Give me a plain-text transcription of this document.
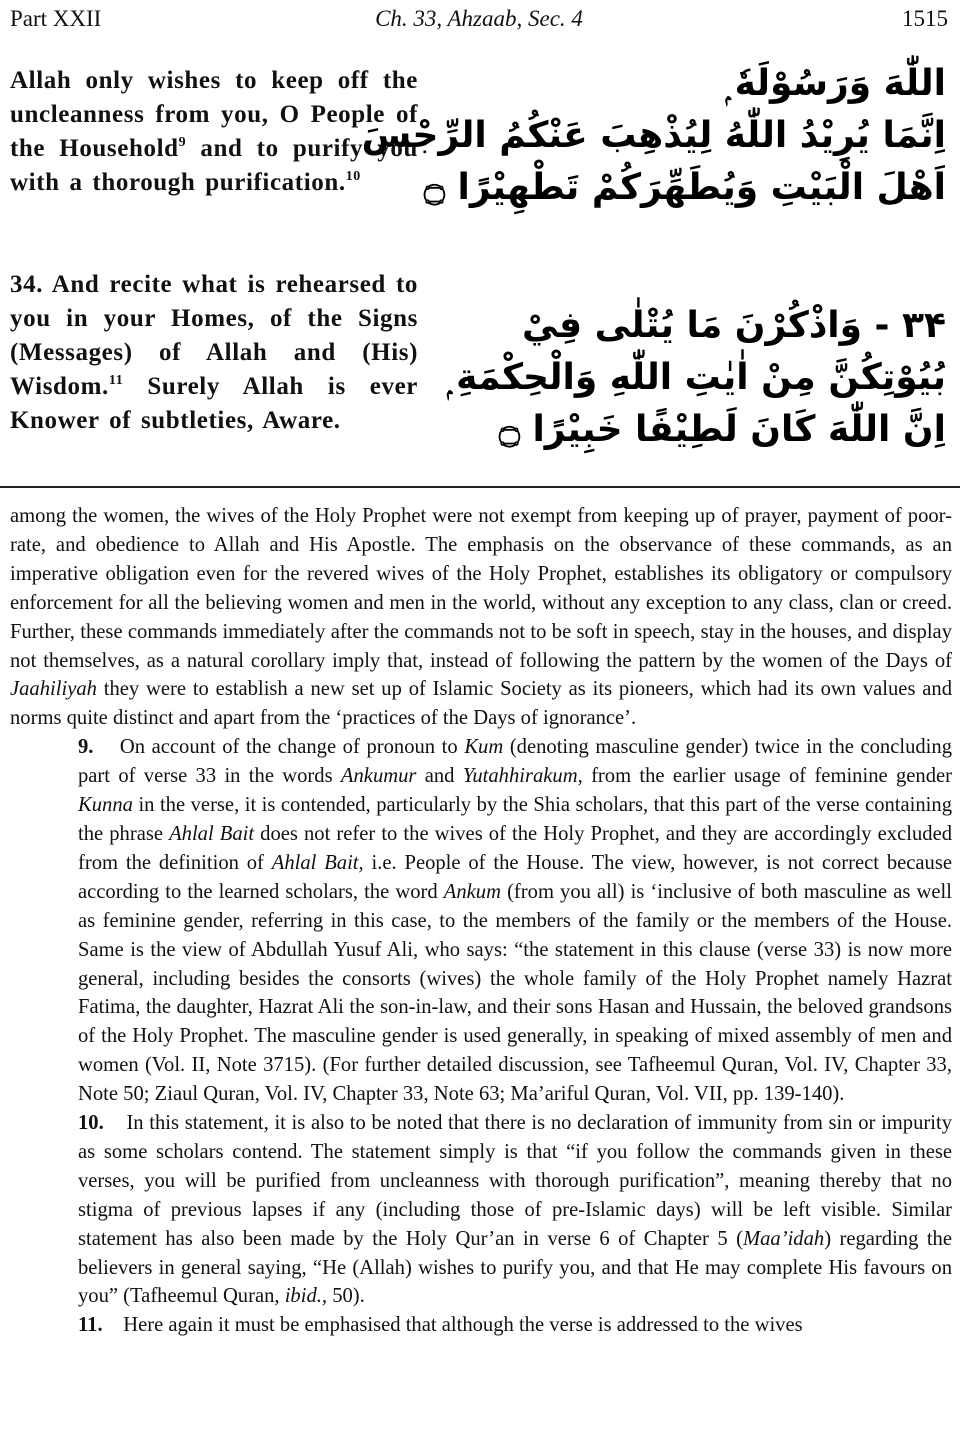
Part XXII	Ch. 33, Ahzaab, Sec. 4	1515
Allah only wishes to keep off the uncleanness from you, O People of the Household$^9$ and to purify you with a thorough purification.$^{10}$
اللّٰهَ وَرَسُوْلَهٗ ۭ
اِنَّمَا يُرِيْدُ اللّٰهُ لِيُذْهِبَ عَنْكُمُ الرِّجْسَ
اَهْلَ الْبَيْتِ وَيُطَهِّرَكُمْ تَطْهِيْرًا ۝
34. And recite what is rehearsed to you in your Homes, of the Signs (Messages) of Allah and (His) Wisdom.$^{11}$ Surely Allah is ever Knower of subtleties, Aware.
۳۴ - وَاذْكُرْنَ مَا يُتْلٰى فِيْ
بُيُوْتِكُنَّ مِنْ اٰيٰتِ اللّٰهِ وَالْحِكْمَةِ ۭ
اِنَّ اللّٰهَ كَانَ لَطِيْفًا خَبِيْرًا ۝

among the women, the wives of the Holy Prophet were not exempt from keeping up of prayer, payment of poor-rate, and obedience to Allah and His Apostle. The emphasis on the observance of these commands, as an imperative obligation even for the revered wives of the Holy Prophet, establishes its obligatory or compulsory enforcement for all the believing women and men in the world, without any exception to any class, clan or creed. Further, these commands immediately after the commands not to be soft in speech, stay in the houses, and display not themselves, as a natural corollary imply that, instead of following the pattern by the women of the Days of Jaahiliyah they were to establish a new set up of Islamic Society as its pioneers, which had its own values and norms quite distinct and apart from the ‘practices of the Days of ignorance’.

9. On account of the change of pronoun to Kum (denoting masculine gender) twice in the concluding part of verse 33 in the words Ankumur and Yutahhirakum, from the earlier usage of feminine gender Kunna in the verse, it is contended, particularly by the Shia scholars, that this part of the verse containing the phrase Ahlal Bait does not refer to the wives of the Holy Prophet, and they are accordingly excluded from the definition of Ahlal Bait, i.e. People of the House. The view, however, is not correct because according to the learned scholars, the word Ankum (from you all) is ‘inclusive of both masculine as well as feminine gender, referring in this case, to the members of the family or the members of the House. Same is the view of Abdullah Yusuf Ali, who says: “the statement in this clause (verse 33) is now more general, including besides the consorts (wives) the whole family of the Holy Prophet namely Hazrat Fatima, the daughter, Hazrat Ali the son-in-law, and their sons Hasan and Hussain, the beloved grandsons of the Holy Prophet. The masculine gender is used generally, in speaking of mixed assembly of men and women (Vol. II, Note 3715). (For further detailed discussion, see Tafheemul Quran, Vol. IV, Chapter 33, Note 50; Ziaul Quran, Vol. IV, Chapter 33, Note 63; Ma’ariful Quran, Vol. VII, pp. 139-140).

10. In this statement, it is also to be noted that there is no declaration of immunity from sin or impurity as some scholars contend. The statement simply is that “if you follow the commands given in these verses, you will be purified from uncleanness with thorough purification”, meaning thereby that no stigma of previous lapses if any (including those of pre-Islamic days) will be left visible. Similar statement has also been made by the Holy Qur’an in verse 6 of Chapter 5 (Maa’idah) regarding the believers in general saying, “He (Allah) wishes to purify you, and that He may complete His favours on you” (Tafheemul Quran, ibid., 50).

11. Here again it must be emphasised that although the verse is addressed to the wives
